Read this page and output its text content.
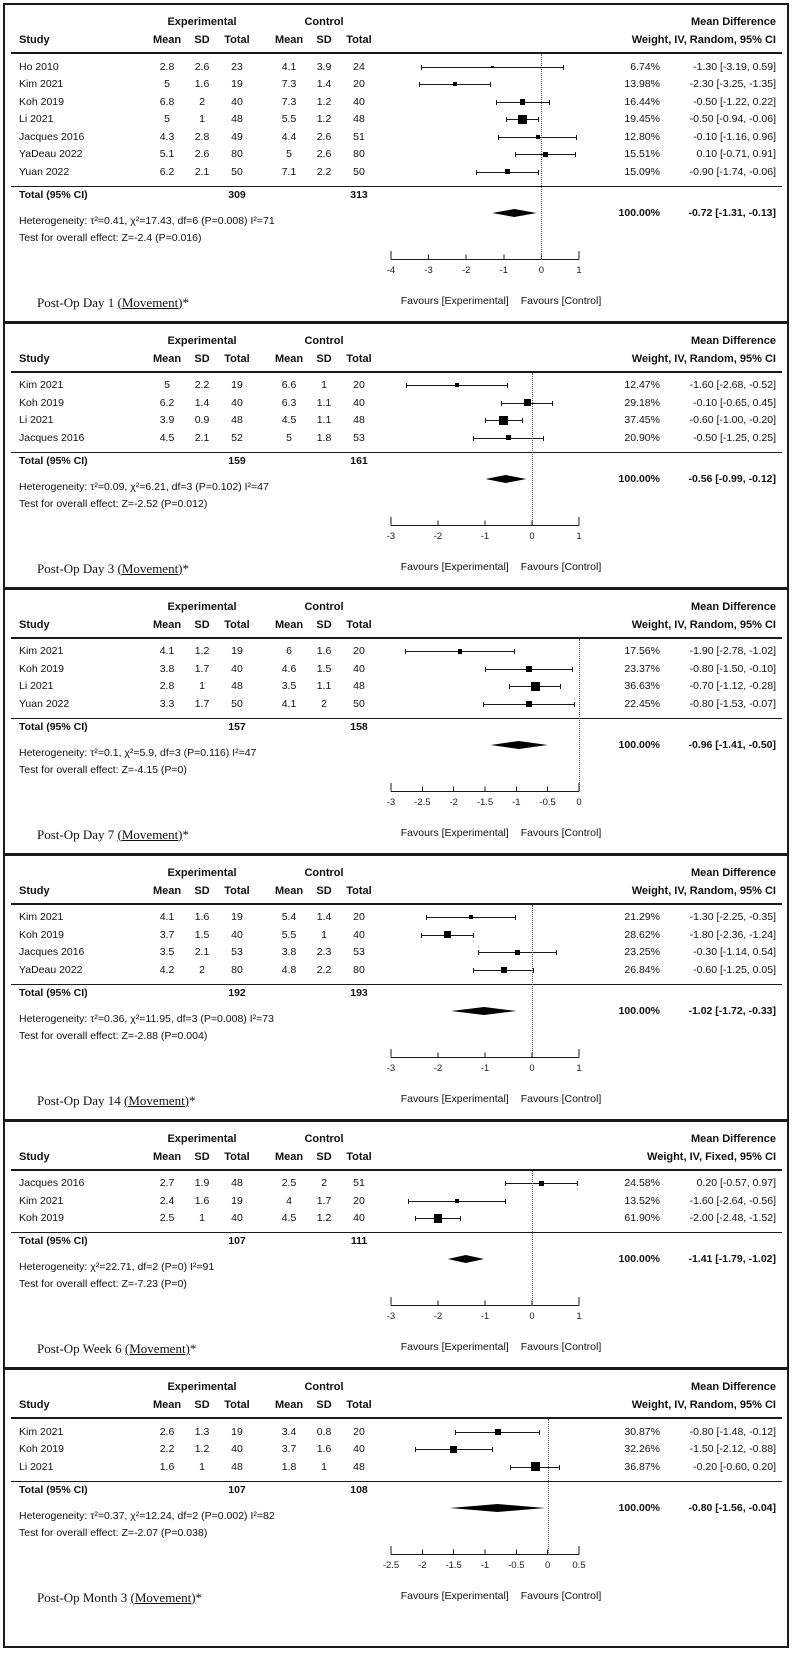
Experimental	Control	Mean Difference
Study	Mean	SD	Total	Mean	SD	Total	Weight, IV, Random, 95% CI
Ho 2010	2.8	2.6	23	4.1	3.9	24	6.74%	-1.30 [-3.19, 0.59]
Kim 2021	5	1.6	19	7.3	1.4	20	13.98%	-2.30 [-3.25, -1.35]
Koh 2019	6.8	2	40	7.3	1.2	40	16.44%	-0.50 [-1.22, 0.22]
Li 2021	5	1	48	5.5	1.2	48	19.45%	-0.50 [-0.94, -0.06]
Jacques 2016	4.3	2.8	49	4.4	2.6	51	12.80%	-0.10 [-1.16, 0.96]
YaDeau 2022	5.1	2.6	80	5	2.6	80	15.51%	0.10 [-0.71, 0.91]
Yuan 2022	6.2	2.1	50	7.1	2.2	50	15.09%	-0.90 [-1.74, -0.06]
Total (95% CI)	309	313
100.00%	-0.72 [-1.31, -0.13]
Heterogeneity: τ²=0.41, χ²=17.43, df=6 (P=0.008) I²=71
Test for overall effect: Z=-2.4 (P=0.016)
-4	-3	-2	-1	0	1
Post-Op Day 1 (Movement)*	Favours [Experimental] Favours [Control]
Experimental	Control	Mean Difference
Study	Mean	SD	Total	Mean	SD	Total	Weight, IV, Random, 95% CI
Kim 2021	5	2.2	19	6.6	1	20	12.47%	-1.60 [-2.68, -0.52]
Koh 2019	6.2	1.4	40	6.3	1.1	40	29.18%	-0.10 [-0.65, 0.45]
Li 2021	3.9	0.9	48	4.5	1.1	48	37.45%	-0.60 [-1.00, -0.20]
Jacques 2016	4.5	2.1	52	5	1.8	53	20.90%	-0.50 [-1.25, 0.25]
Total (95% CI)	159	161
100.00%	-0.56 [-0.99, -0.12]
Heterogeneity: τ²=0.09, χ²=6.21, df=3 (P=0.102) I²=47
Test for overall effect: Z=-2.52 (P=0.012)
-3	-2	-1	0	1
Post-Op Day 3 (Movement)*	Favours [Experimental] Favours [Control]
Experimental	Control	Mean Difference
Study	Mean	SD	Total	Mean	SD	Total	Weight, IV, Random, 95% CI
Kim 2021	4.1	1.2	19	6	1.6	20	17.56%	-1.90 [-2.78, -1.02]
Koh 2019	3.8	1.7	40	4.6	1.5	40	23.37%	-0.80 [-1.50, -0.10]
Li 2021	2.8	1	48	3.5	1.1	48	36.63%	-0.70 [-1.12, -0.28]
Yuan 2022	3.3	1.7	50	4.1	2	50	22.45%	-0.80 [-1.53, -0.07]
Total (95% CI)	157	158
100.00%	-0.96 [-1.41, -0.50]
Heterogeneity: τ²=0.1, χ²=5.9, df=3 (P=0.116) I²=47
Test for overall effect: Z=-4.15 (P=0)
-3 -2.5 -2 -1.5 -1 -0.5 0
Post-Op Day 7 (Movement)*	Favours [Experimental] Favours [Control]
Experimental	Control	Mean Difference
Study	Mean	SD	Total	Mean	SD	Total	Weight, IV, Random, 95% CI
Kim 2021	4.1	1.6	19	5.4	1.4	20	21.29%	-1.30 [-2.25, -0.35]
Koh 2019	3.7	1.5	40	5.5	1	40	28.62%	-1.80 [-2.36, -1.24]
Jacques 2016	3.5	2.1	53	3.8	2.3	53	23.25%	-0.30 [-1.14, 0.54]
YaDeau 2022	4.2	2	80	4.8	2.2	80	26.84%	-0.60 [-1.25, 0.05]
Total (95% CI)	192	193
100.00%	-1.02 [-1.72, -0.33]
Heterogeneity: τ²=0.36, χ²=11.95, df=3 (P=0.008) I²=73
Test for overall effect: Z=-2.88 (P=0.004)
-3	-2	-1	0	1
Post-Op Day 14 (Movement)*	Favours [Experimental] Favours [Control]
Experimental	Control	Mean Difference
Study	Mean	SD	Total	Mean	SD	Total	Weight, IV, Fixed, 95% CI
Jacques 2016	2.7	1.9	48	2.5	2	51	24.58%	0.20 [-0.57, 0.97]
Kim 2021	2.4	1.6	19	4	1.7	20	13.52%	-1.60 [-2.64, -0.56]
Koh 2019	2.5	1	40	4.5	1.2	40	61.90%	-2.00 [-2.48, -1.52]
Total (95% CI)	107	111
100.00%	-1.41 [-1.79, -1.02]
Heterogeneity: χ²=22.71, df=2 (P=0) I²=91
Test for overall effect: Z=-7.23 (P=0)
-3	-2	-1	0	1
Post-Op Week 6 (Movement)*	Favours [Experimental] Favours [Control]
Experimental	Control	Mean Difference
Study	Mean	SD	Total	Mean	SD	Total	Weight, IV, Random, 95% CI
Kim 2021	2.6	1.3	19	3.4	0.8	20	30.87%	-0.80 [-1.48, -0.12]
Koh 2019	2.2	1.2	40	3.7	1.6	40	32.26%	-1.50 [-2.12, -0.88]
Li 2021	1.6	1	48	1.8	1	48	36.87%	-0.20 [-0.60, 0.20]
Total (95% CI)	107	108
100.00%	-0.80 [-1.56, -0.04]
Heterogeneity: τ²=0.37, χ²=12.24, df=2 (P=0.002) I²=82
Test for overall effect: Z=-2.07 (P=0.038)
-2.5 -2 -1.5 -1 -0.5 0 0.5
Post-Op Month 3 (Movement)*	Favours [Experimental] Favours [Control]
